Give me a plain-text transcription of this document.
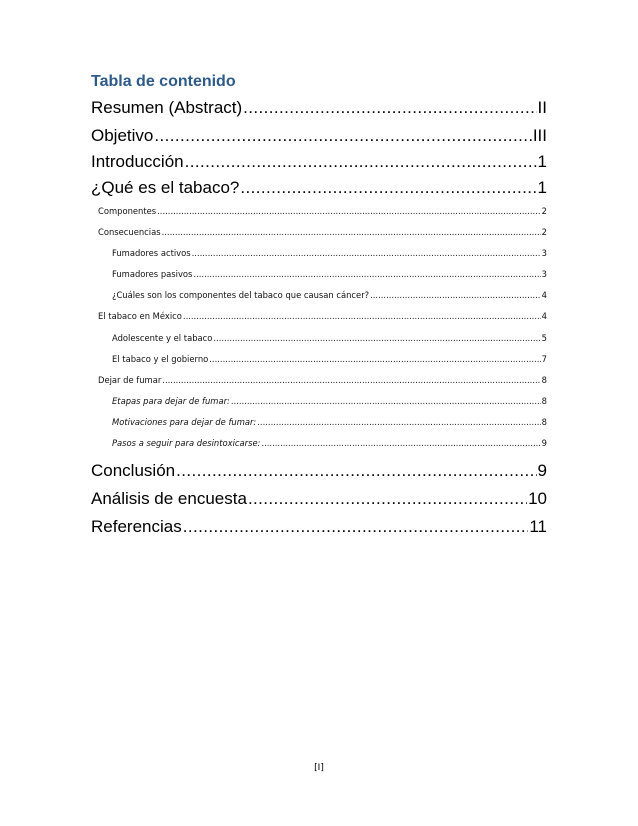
Tabla de contenido
Resumen (Abstract) .....	II
Objetivo .....	III
Introducción .....	1
¿Qué es el tabaco? .....	1
Componentes .....	2
Consecuencias .....	2
Fumadores activos .....	3
Fumadores pasivos .....	3
¿Cuáles son los componentes del tabaco que causan cáncer? .....	4
El tabaco en México .....	4
Adolescente y el tabaco .....	5
El tabaco y el gobierno .....	7
Dejar de fumar .....	8
Etapas para dejar de fumar: .....	8
Motivaciones para dejar de fumar: .....	8
Pasos a seguir para desintoxicarse: .....	9
Conclusión .....	9
Análisis de encuesta .....	10
Referencias .....	11
[I]
